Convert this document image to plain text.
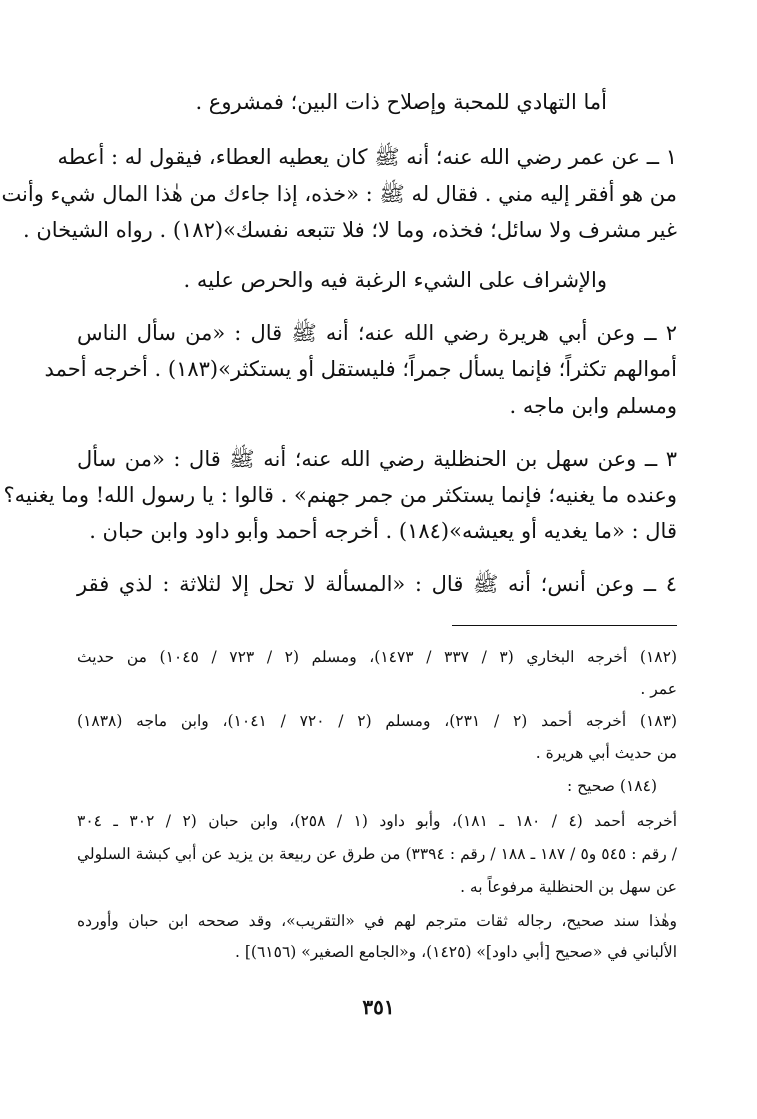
أما التهادي للمحبة وإصلاح ذات البين؛ فمشروع .
١ ــ عن عمر رضي الله عنه؛ أنه ﷺ كان يعطيه العطاء، فيقول له : أعطه
من هو أفقر إليه مني . فقال له ﷺ : «خذه، إذا جاءك من هٰذا المال شيء وأنت
غير مشرف ولا سائل؛ فخذه، وما لا؛ فلا تتبعه نفسك»(١٨٢) . رواه الشيخان .
والإشراف على الشيء الرغبة فيه والحرص عليه .
٢ ــ وعن أبي هريرة رضي الله عنه؛ أنه ﷺ قال : «من سأل الناس
أموالهم تكثراً؛ فإنما يسأل جمراً؛ فليستقل أو يستكثر»(١٨٣) . أخرجه أحمد
ومسلم وابن ماجه .
٣ ــ وعن سهل بن الحنظلية رضي الله عنه؛ أنه ﷺ قال : «من سأل
وعنده ما يغنيه؛ فإنما يستكثر من جمر جهنم» . قالوا : يا رسول الله! وما يغنيه؟
قال : «ما يغديه أو يعيشه»(١٨٤) . أخرجه أحمد وأبو داود وابن حبان .
٤ ــ وعن أنس؛ أنه ﷺ قال : «المسألة لا تحل إلا لثلاثة : لذي فقر
(١٨٢) أخرجه البخاري (٣ / ٣٣٧ / ١٤٧٣)، ومسلم (٢ / ٧٢٣ / ١٠٤٥) من حديث
عمر .
(١٨٣) أخرجه أحمد (٢ / ٢٣١)، ومسلم (٢ / ٧٢٠ / ١٠٤١)، وابن ماجه (١٨٣٨)
من حديث أبي هريرة .
(١٨٤) صحيح :
أخرجه أحمد (٤ / ١٨٠ ـ ١٨١)، وأبو داود (١ / ٢٥٨)، وابن حبان (٢ / ٣٠٢ ـ ٣٠٤
/ رقم : ٥٤٥ و٥ / ١٨٧ ـ ١٨٨ / رقم : ٣٣٩٤) من طرق عن ربيعة بن يزيد عن أبي كبشة السلولي
عن سهل بن الحنظلية مرفوعاً به .
وهٰذا سند صحيح، رجاله ثقات مترجم لهم في «التقريب»، وقد صححه ابن حبان وأورده
الألباني في «صحيح [أبي داود]» (١٤٢٥)، و«الجامع الصغير» (٦١٥٦)] .
٣٥١
